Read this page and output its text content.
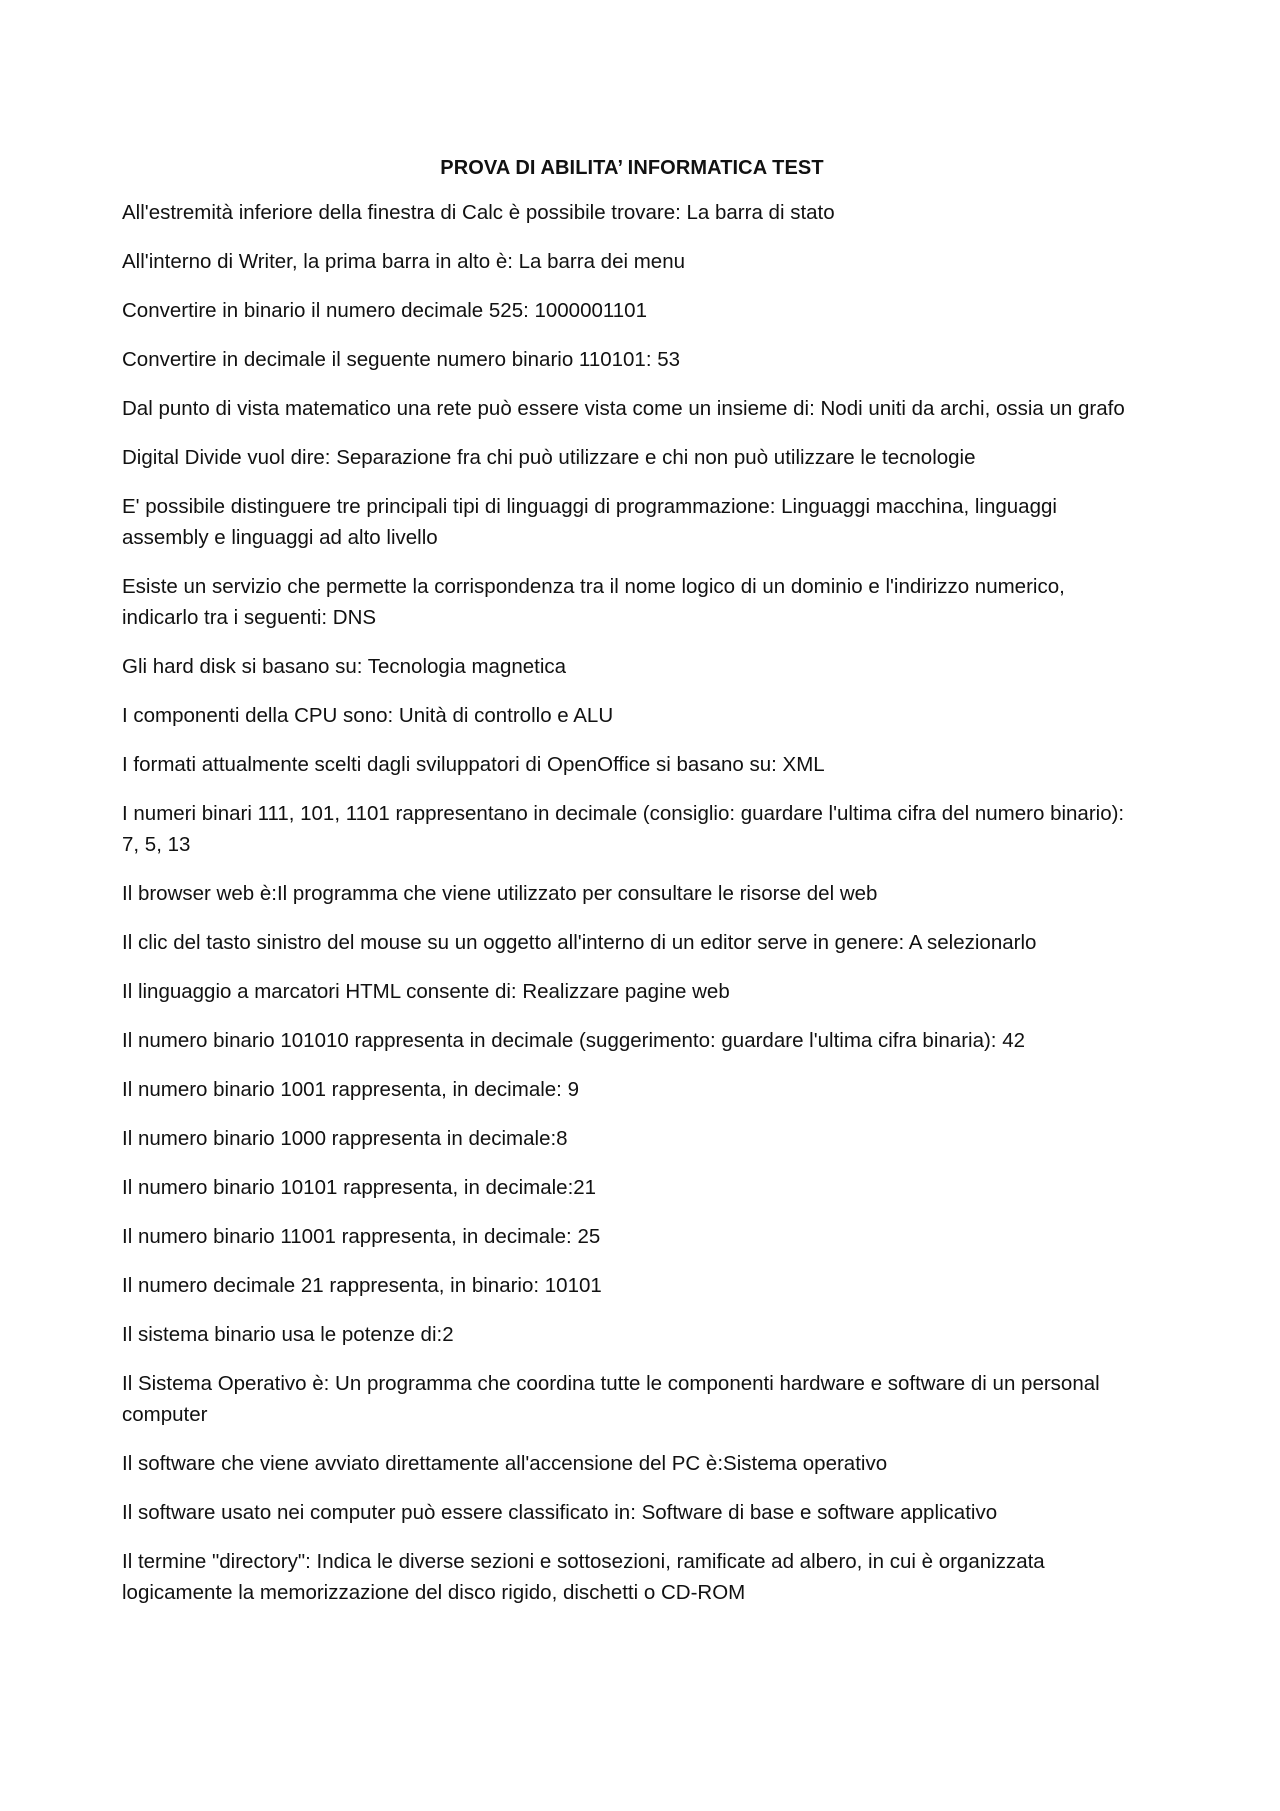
PROVA DI ABILITA’ INFORMATICA TEST
All'estremità inferiore della finestra di Calc è possibile trovare: La barra di stato
All'interno di Writer, la prima barra in alto è: La barra dei menu
Convertire in binario il numero decimale 525: 1000001101
Convertire in decimale il seguente numero binario 110101: 53
Dal punto di vista matematico una rete può essere vista come un insieme di: Nodi uniti da archi, ossia un grafo
Digital Divide vuol dire: Separazione fra chi può utilizzare e chi non può utilizzare le tecnologie
E' possibile distinguere tre principali tipi di linguaggi di programmazione: Linguaggi macchina, linguaggi assembly e linguaggi ad alto livello
Esiste un servizio che permette la corrispondenza tra il nome logico di un dominio e l'indirizzo numerico, indicarlo tra i seguenti: DNS
Gli hard disk si basano su: Tecnologia magnetica
I componenti della CPU sono: Unità di controllo e ALU
I formati attualmente scelti dagli sviluppatori di OpenOffice si basano su: XML
I numeri binari 111, 101, 1101 rappresentano in decimale (consiglio: guardare l'ultima cifra del numero binario): 7, 5, 13
Il browser web è:Il programma che viene utilizzato per consultare le risorse del web
Il clic del tasto sinistro del mouse su un oggetto all'interno di un editor serve in genere: A selezionarlo
Il linguaggio a marcatori HTML consente di: Realizzare pagine web
Il numero binario 101010 rappresenta in decimale (suggerimento: guardare l'ultima cifra binaria): 42
Il numero binario 1001 rappresenta, in decimale: 9
Il numero binario 1000 rappresenta in decimale:8
Il numero binario 10101 rappresenta, in decimale:21
Il numero binario 11001 rappresenta, in decimale: 25
Il numero decimale 21 rappresenta, in binario: 10101
Il sistema binario usa le potenze di:2
Il Sistema Operativo è: Un programma che coordina tutte le componenti hardware e software di un personal computer
Il software che viene avviato direttamente all'accensione del PC è:Sistema operativo
Il software usato nei computer può essere classificato in: Software di base e software applicativo
Il termine "directory": Indica le diverse sezioni e sottosezioni, ramificate ad albero, in cui è organizzata logicamente la memorizzazione del disco rigido, dischetti o CD-ROM
